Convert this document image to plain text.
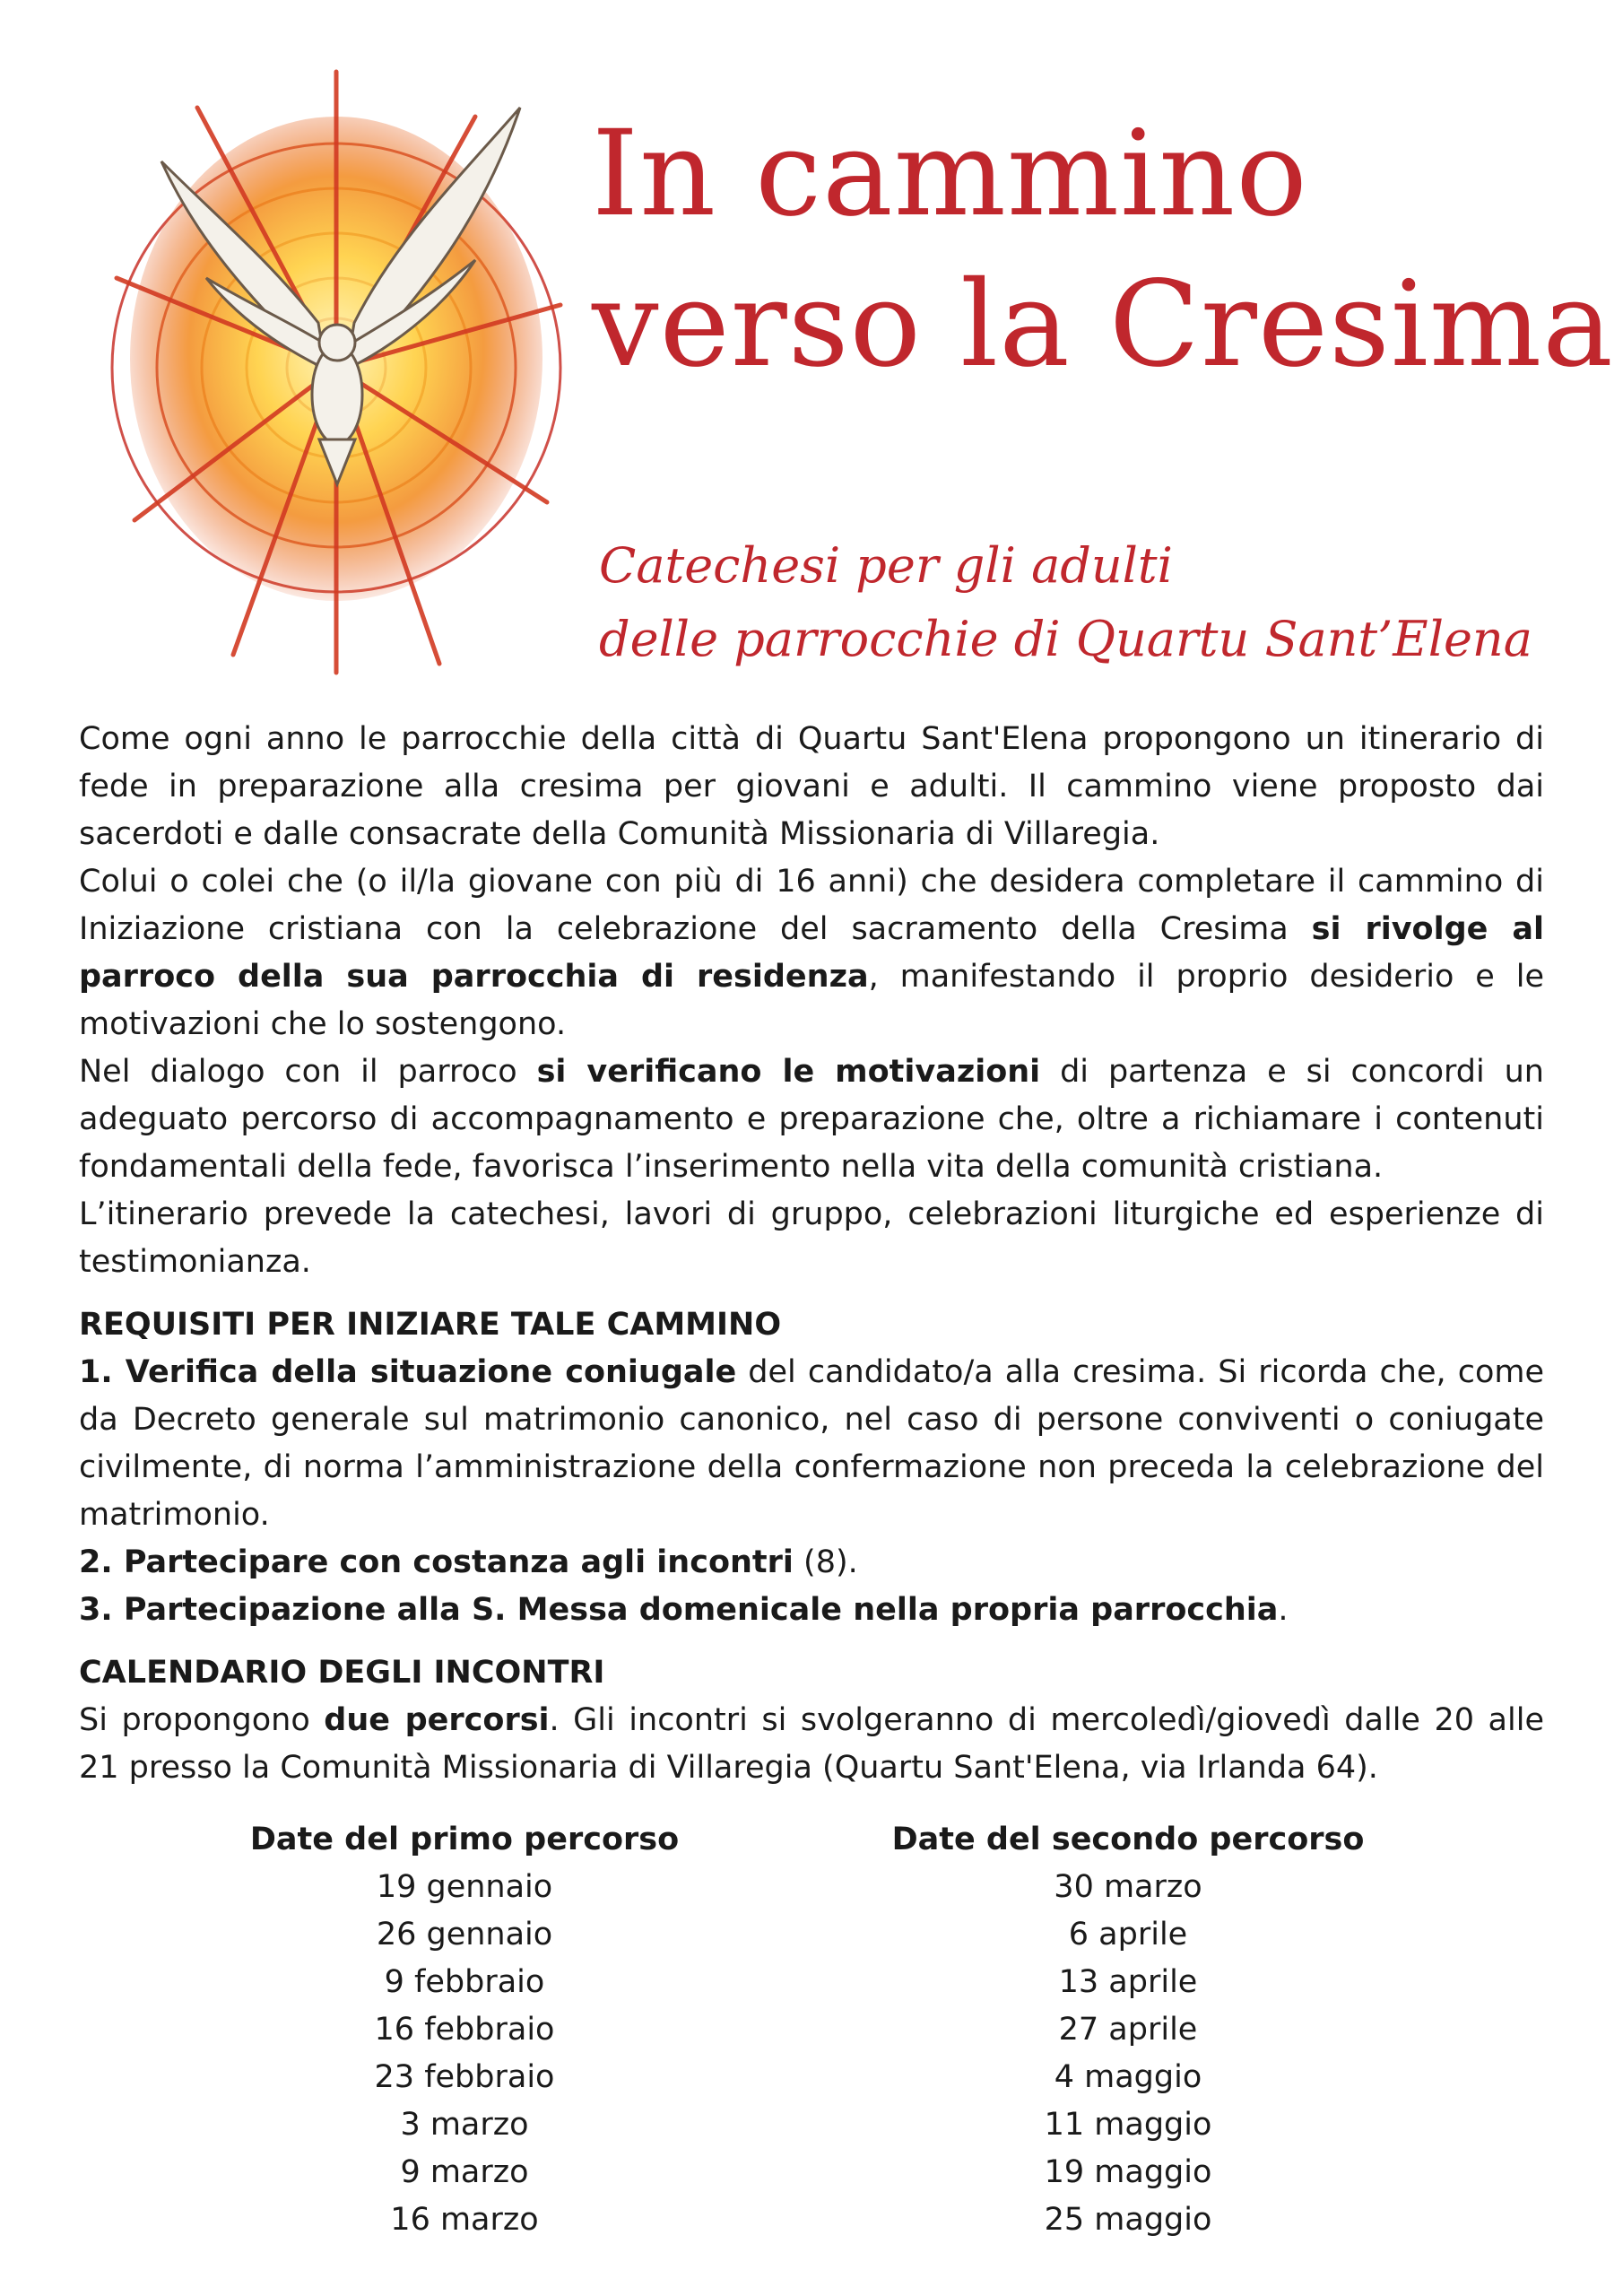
In cammino
verso la Cresima
Catechesi per gli adulti
delle parrocchie di Quartu Sant’Elena

Come ogni anno le parrocchie della città di Quartu Sant'Elena propongono un itinerario di fede in preparazione alla cresima per giovani e adulti. Il cammino viene proposto dai sacerdoti e dalle consacrate della Comunità Missionaria di Villaregia.

Colui o colei che (o il/la giovane con più di 16 anni) che desidera completare il cammino di Iniziazione cristiana con la celebrazione del sacramento della Cresima si rivolge al parroco della sua parrocchia di residenza, manifestando il proprio desiderio e le motivazioni che lo sostengono.

Nel dialogo con il parroco si verificano le motivazioni di partenza e si concordi un adeguato percorso di accompagnamento e preparazione che, oltre a richiamare i contenuti fondamentali della fede, favorisca l’inserimento nella vita della comunità cristiana.

L’itinerario prevede la catechesi, lavori di gruppo, celebrazioni liturgiche ed esperienze di testimonianza.

REQUISITI PER INIZIARE TALE CAMMINO

1. Verifica della situazione coniugale del candidato/a alla cresima. Si ricorda che, come da Decreto generale sul matrimonio canonico, nel caso di persone conviventi o coniugate civilmente, di norma l’amministrazione della confermazione non preceda la celebrazione del matrimonio.

2. Partecipare con costanza agli incontri (8).

3. Partecipazione alla S. Messa domenicale nella propria parrocchia.

CALENDARIO DEGLI INCONTRI

Si propongono due percorsi. Gli incontri si svolgeranno di mercoledì/giovedì dalle 20 alle 21 presso la Comunità Missionaria di Villaregia (Quartu Sant'Elena, via Irlanda 64).

Date del primo percorso
19 gennaio
26 gennaio
9 febbraio
16 febbraio
23 febbraio
3 marzo
9 marzo
16 marzo
Date del secondo percorso
30 marzo
6 aprile
13 aprile
27 aprile
4 maggio
11 maggio
19 maggio
25 maggio
